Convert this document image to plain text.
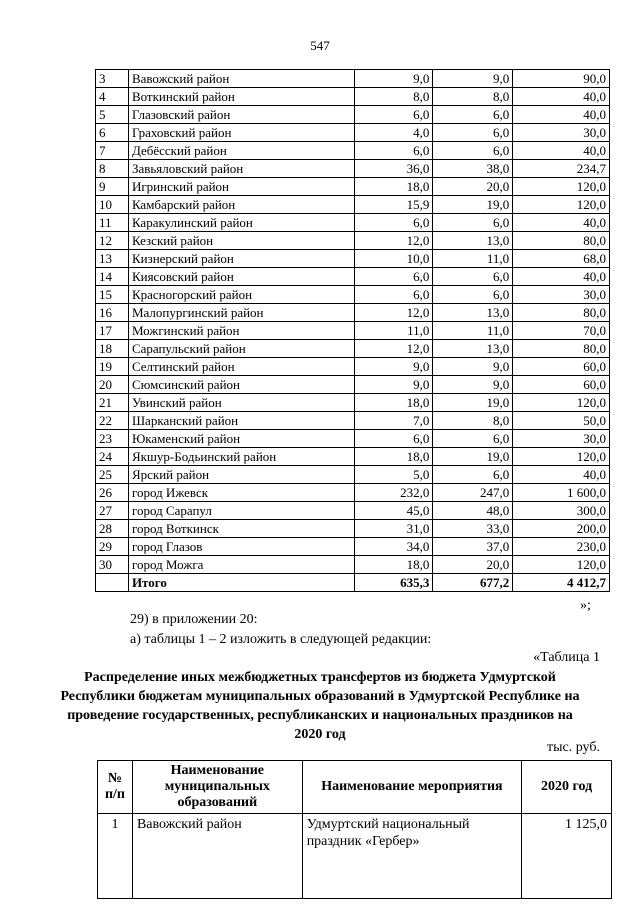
547
3	Вавожский район	9,0	9,0	90,0
4	Воткинский район	8,0	8,0	40,0
5	Глазовский район	6,0	6,0	40,0
6	Граховский район	4,0	6,0	30,0
7	Дебёсский район	6,0	6,0	40,0
8	Завьяловский район	36,0	38,0	234,7
9	Игринский район	18,0	20,0	120,0
10	Камбарский район	15,9	19,0	120,0
11	Каракулинский район	6,0	6,0	40,0
12	Кезский район	12,0	13,0	80,0
13	Кизнерский район	10,0	11,0	68,0
14	Киясовский район	6,0	6,0	40,0
15	Красногорский район	6,0	6,0	30,0
16	Малопургинский район	12,0	13,0	80,0
17	Можгинский район	11,0	11,0	70,0
18	Сарапульский район	12,0	13,0	80,0
19	Селтинский район	9,0	9,0	60,0
20	Сюмсинский район	9,0	9,0	60,0
21	Увинский район	18,0	19,0	120,0
22	Шарканский район	7,0	8,0	50,0
23	Юкаменский район	6,0	6,0	30,0
24	Якшур-Бодьинский район	18,0	19,0	120,0
25	Ярский район	5,0	6,0	40,0
26	город Ижевск	232,0	247,0	1 600,0
27	город Сарапул	45,0	48,0	300,0
28	город Воткинск	31,0	33,0	200,0
29	город Глазов	34,0	37,0	230,0
30	город Можга	18,0	20,0	120,0
	Итого	635,3	677,2	4 412,7
»;
29) в приложении 20:
а) таблицы 1 – 2 изложить в следующей редакции:
«Таблица 1
Распределение иных межбюджетных трансфертов из бюджета Удмуртской Республики бюджетам муниципальных образований в Удмуртской Республике на проведение государственных, республиканских и национальных праздников на 2020 год
тыс. руб.
№ п/п	Наименование муниципальных образований	Наименование мероприятия	2020 год
1	Вавожский район	Удмуртский национальный праздник «Гербер»	1 125,0
